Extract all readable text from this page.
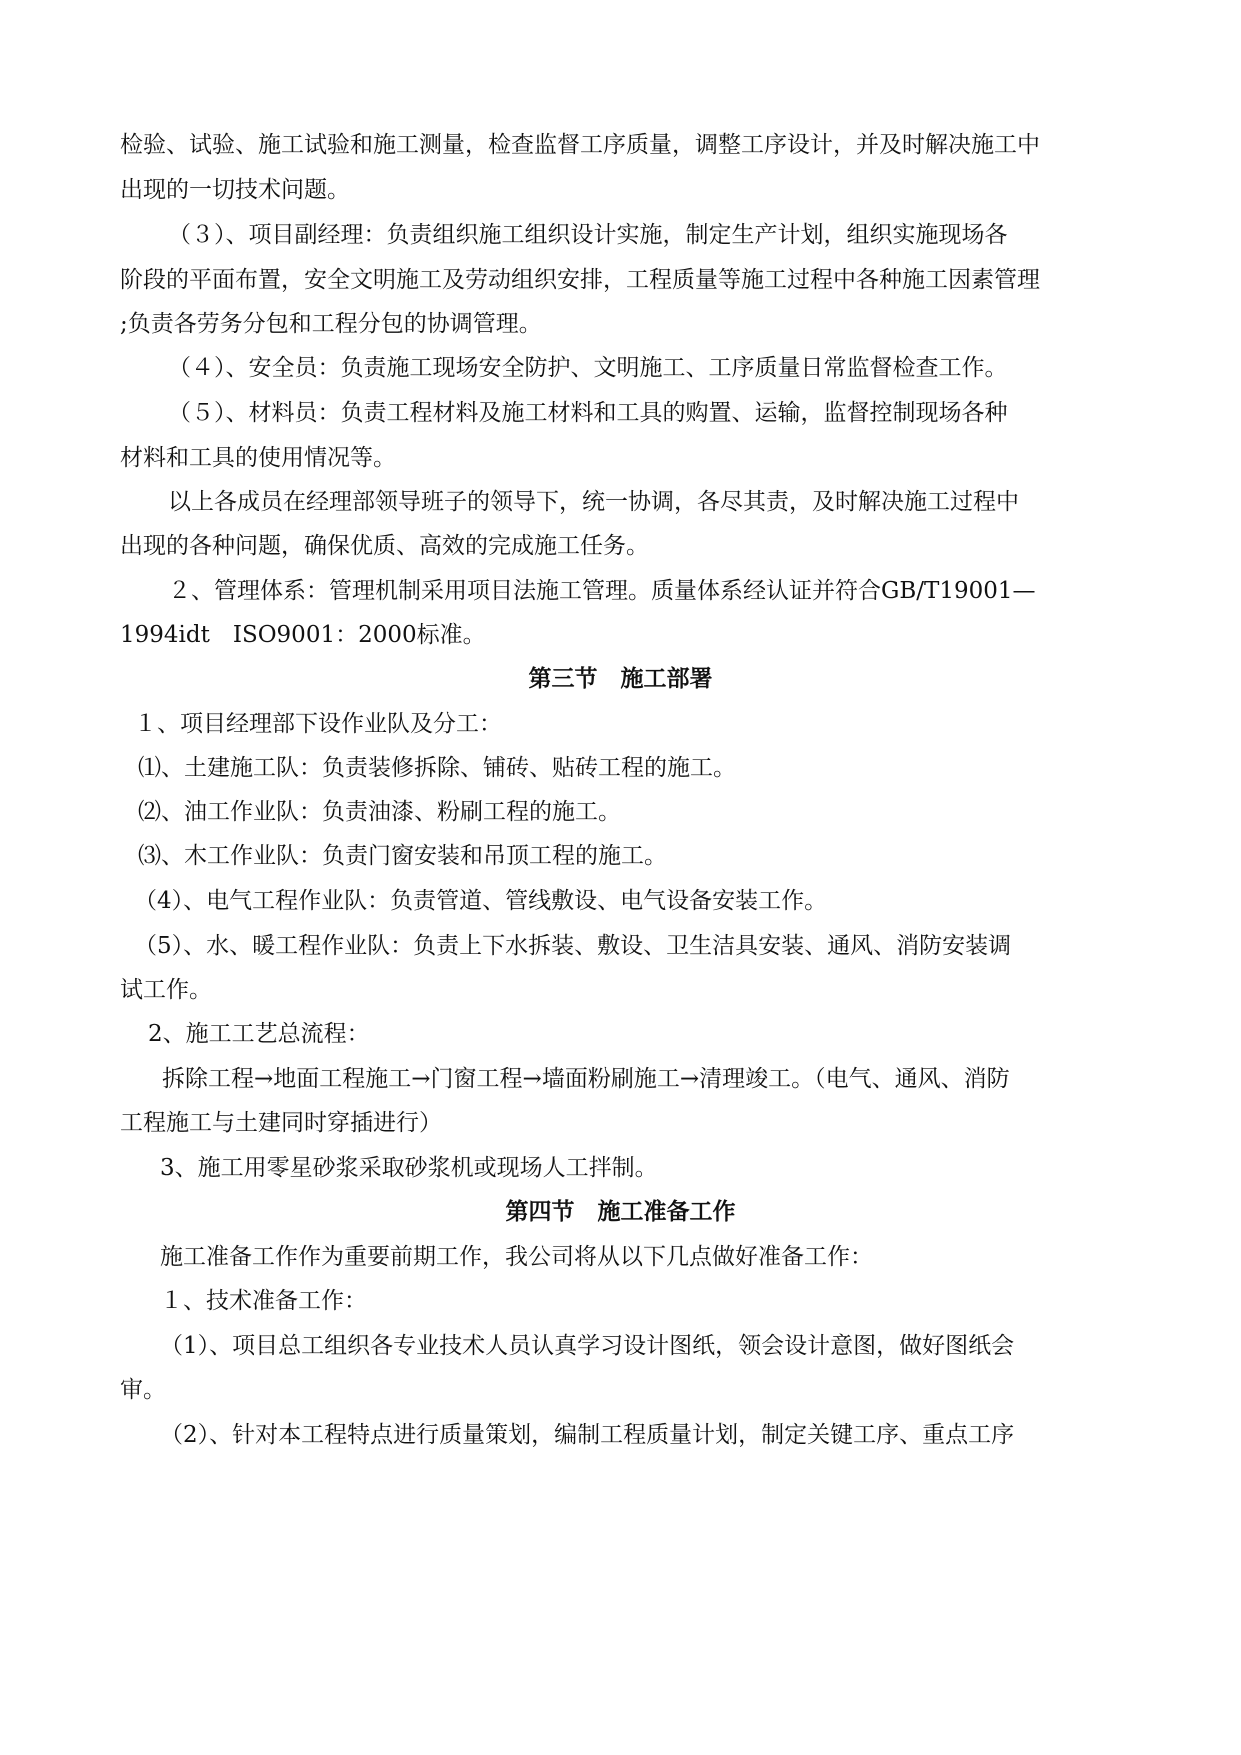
检验、试验、施工试验和施工测量，检查监督工序质量，调整工序设计，并及时解决施工中
出现的一切技术问题。
（３）、项目副经理：负责组织施工组织设计实施，制定生产计划，组织实施现场各
阶段的平面布置，安全文明施工及劳动组织安排，工程质量等施工过程中各种施工因素管理
;负责各劳务分包和工程分包的协调管理。
（４）、安全员：负责施工现场安全防护、文明施工、工序质量日常监督检查工作。
（５）、材料员：负责工程材料及施工材料和工具的购置、运输，监督控制现场各种
材料和工具的使用情况等。
以上各成员在经理部领导班子的领导下，统一协调，各尽其责，及时解决施工过程中
出现的各种问题，确保优质、高效的完成施工任务。
２、管理体系：管理机制采用项目法施工管理。质量体系经认证并符合GB/T19001—
1994idt　ISO9001：2000标准。
第三节　施工部署
１、项目经理部下设作业队及分工：
⑴、土建施工队：负责装修拆除、铺砖、贴砖工程的施工。
⑵、油工作业队：负责油漆、粉刷工程的施工。
⑶、木工作业队：负责门窗安装和吊顶工程的施工。
（4）、电气工程作业队：负责管道、管线敷设、电气设备安装工作。
（5）、水、暖工程作业队：负责上下水拆装、敷设、卫生洁具安装、通风、消防安装调
试工作。
2、施工工艺总流程：
拆除工程→地面工程施工→门窗工程→墙面粉刷施工→清理竣工。（电气、通风、消防
工程施工与土建同时穿插进行）
3、施工用零星砂浆采取砂浆机或现场人工拌制。
第四节　施工准备工作
施工准备工作作为重要前期工作，我公司将从以下几点做好准备工作：
１、技术准备工作：
（1）、项目总工组织各专业技术人员认真学习设计图纸，领会设计意图，做好图纸会
审。
（2）、针对本工程特点进行质量策划，编制工程质量计划，制定关键工序、重点工序
